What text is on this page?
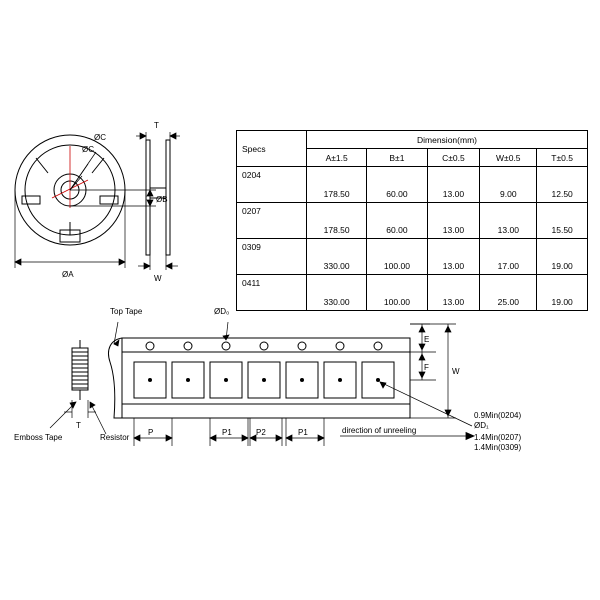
ØC
ØC
ØA
ØB
T
W
Specs	Dimension(mm)				
	A±1.5	B±1	C±0.5	W±0.5	T±0.5
0204	178.50	60.00	13.00	9.00	12.50
0207	178.50	60.00	13.00	13.00	15.50
0309	330.00	100.00	13.00	17.00	19.00
0411	330.00	100.00	13.00	25.00	19.00
Top Tape	ØD₀
Emboss Tape	Resistor
T
P	P1	P2	P1	direction of unreeling
E
F	W
ØD₁
0.9Min(0204)
1.4Min(0207)
1.4Min(0309)
